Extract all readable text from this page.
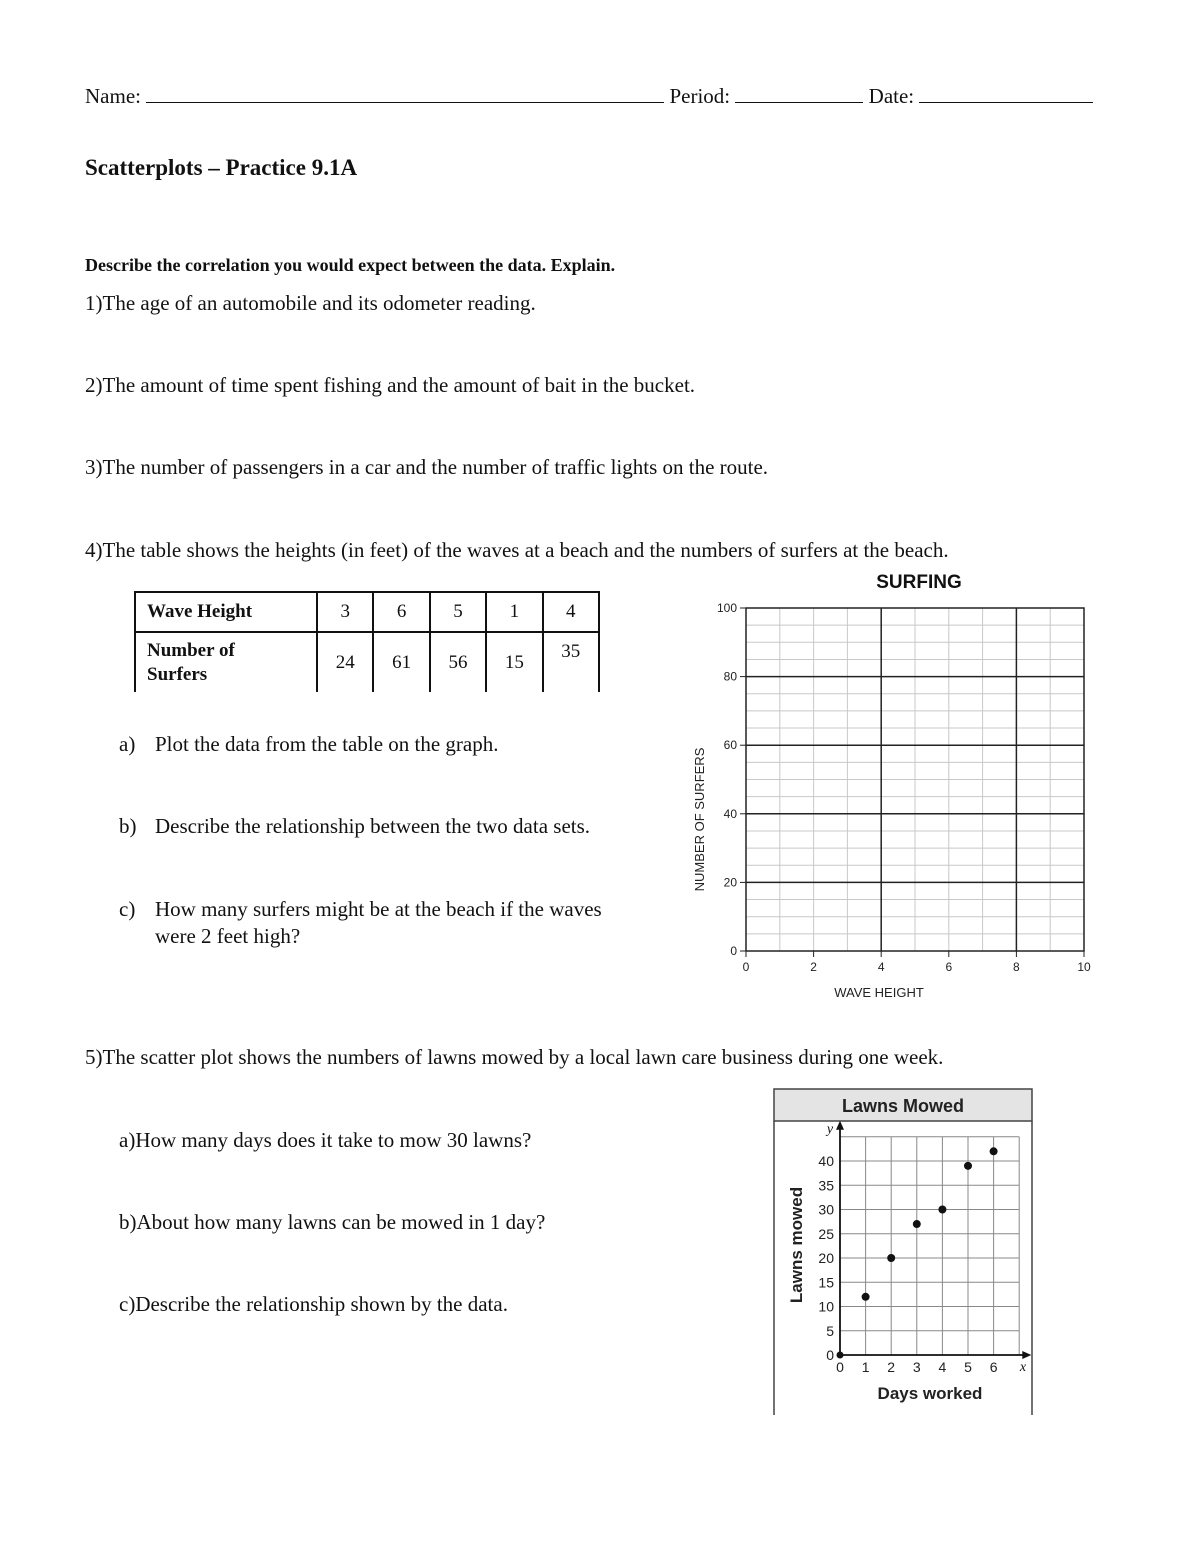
Name:	Period:	Date:
Scatterplots – Practice 9.1A
Describe the correlation you would expect between the data. Explain.
1)The age of an automobile and its odometer reading.
2)The amount of time spent fishing and the amount of bait in the bucket.
3)The number of passengers in a car and the number of traffic lights on the route.
4)The table shows the heights (in feet) of the waves at a beach and the numbers of surfers at the beach.
Wave Height	3	6	5	1	4
Number of
Surfers	24	61	56	15	35
a) Plot the data from the table on the graph.
b) Describe the relationship between the two data sets.
c) How many surfers might be at the beach if the waves
were 2 feet high?
SURFING
0	2	4	6	8	10
0
20
40
60
80
100
WAVE HEIGHT
NUMBER OF SURFERS
5)The scatter plot shows the numbers of lawns mowed by a local lawn care business during one week.
a)How many days does it take to mow 30 lawns?
b)About how many lawns can be mowed in 1 day?
c)Describe the relationship shown by the data.
Lawns Mowed
x
y
0 1 2 3 4 5 6
0
5
10
15
20
25
30
35
40
Days worked
Lawns mowed
